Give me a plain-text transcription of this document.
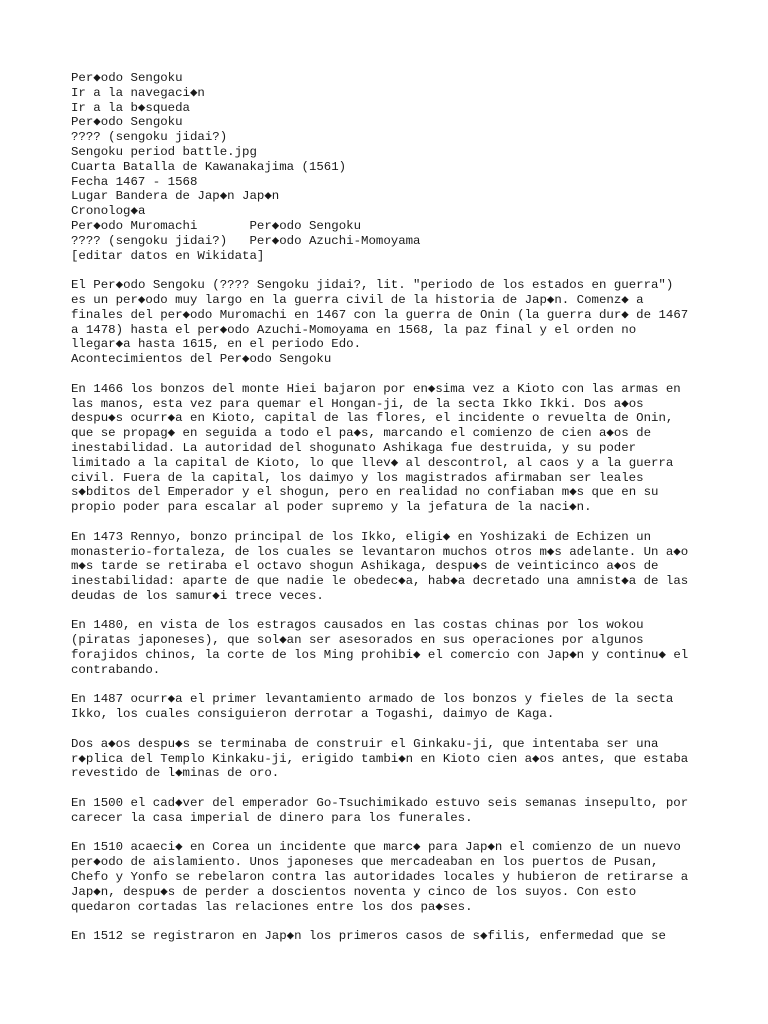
Per◆odo Sengoku
Ir a la navegaci◆n
Ir a la b◆squeda
Per◆odo Sengoku
???? (sengoku jidai?)
Sengoku period battle.jpg
Cuarta Batalla de Kawanakajima (1561)
Fecha 1467 - 1568
Lugar Bandera de Jap◆n Jap◆n
Cronolog◆a
Per◆odo Muromachi       Per◆odo Sengoku
???? (sengoku jidai?)   Per◆odo Azuchi-Momoyama
[editar datos en Wikidata]
El Per◆odo Sengoku (???? Sengoku jidai?, lit. "periodo de los estados en guerra")
es un per◆odo muy largo en la guerra civil de la historia de Jap◆n. Comenz◆ a
finales del per◆odo Muromachi en 1467 con la guerra de Onin (la guerra dur◆ de 1467
a 1478) hasta el per◆odo Azuchi-Momoyama en 1568, la paz final y el orden no
llegar◆a hasta 1615, en el periodo Edo.
Acontecimientos del Per◆odo Sengoku
En 1466 los bonzos del monte Hiei bajaron por en◆sima vez a Kioto con las armas en
las manos, esta vez para quemar el Hongan-ji, de la secta Ikko Ikki. Dos a◆os
despu◆s ocurr◆a en Kioto, capital de las flores, el incidente o revuelta de Onin,
que se propag◆ en seguida a todo el pa◆s, marcando el comienzo de cien a◆os de
inestabilidad. La autoridad del shogunato Ashikaga fue destruida, y su poder
limitado a la capital de Kioto, lo que llev◆ al descontrol, al caos y a la guerra
civil. Fuera de la capital, los daimyo y los magistrados afirmaban ser leales
s◆bditos del Emperador y el shogun, pero en realidad no confiaban m◆s que en su
propio poder para escalar al poder supremo y la jefatura de la naci◆n.
En 1473 Rennyo, bonzo principal de los Ikko, eligi◆ en Yoshizaki de Echizen un
monasterio-fortaleza, de los cuales se levantaron muchos otros m◆s adelante. Un a◆o
m◆s tarde se retiraba el octavo shogun Ashikaga, despu◆s de veinticinco a◆os de
inestabilidad: aparte de que nadie le obedec◆a, hab◆a decretado una amnist◆a de las
deudas de los samur◆i trece veces.
En 1480, en vista de los estragos causados en las costas chinas por los wokou
(piratas japoneses), que sol◆an ser asesorados en sus operaciones por algunos
forajidos chinos, la corte de los Ming prohibi◆ el comercio con Jap◆n y continu◆ el
contrabando.
En 1487 ocurr◆a el primer levantamiento armado de los bonzos y fieles de la secta
Ikko, los cuales consiguieron derrotar a Togashi, daimyo de Kaga.
Dos a◆os despu◆s se terminaba de construir el Ginkaku-ji, que intentaba ser una
r◆plica del Templo Kinkaku-ji, erigido tambi◆n en Kioto cien a◆os antes, que estaba
revestido de l◆minas de oro.
En 1500 el cad◆ver del emperador Go-Tsuchimikado estuvo seis semanas insepulto, por
carecer la casa imperial de dinero para los funerales.
En 1510 acaeci◆ en Corea un incidente que marc◆ para Jap◆n el comienzo de un nuevo
per◆odo de aislamiento. Unos japoneses que mercadeaban en los puertos de Pusan,
Chefo y Yonfo se rebelaron contra las autoridades locales y hubieron de retirarse a
Jap◆n, despu◆s de perder a doscientos noventa y cinco de los suyos. Con esto
quedaron cortadas las relaciones entre los dos pa◆ses.
En 1512 se registraron en Jap◆n los primeros casos de s◆filis, enfermedad que se
